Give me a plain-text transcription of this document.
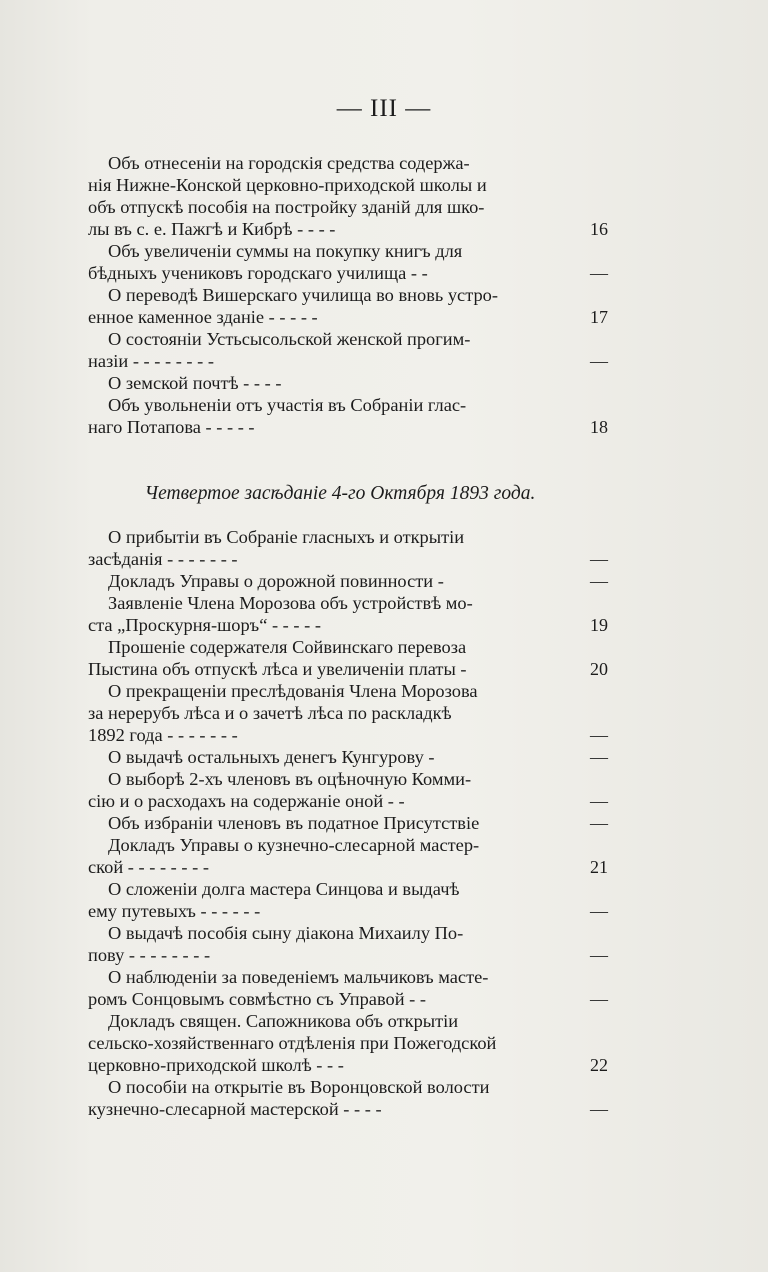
— III —
Объ отнесеніи на городскія средства содержа-
нія Нижне-Конской церковно-приходской школы и
объ отпускѣ пособія на постройку зданій для шко-
лы въ с. е. Пажгѣ и Кибрѣ - - - -	16
Объ увеличеніи суммы на покупку книгъ для
бѣдныхъ учениковъ городскаго училища - -	—
О переводѣ Вишерскаго училища во вновь устро-
енное каменное зданіе - - - - -	17
О состояніи Устьсысольской женской прогим-
назіи - - - - - - - -	—
О земской почтѣ - - - -
Объ увольненіи отъ участія въ Собраніи глас-
наго Потапова - - - - -	18
Четвертое засѣданіе 4-го Октября 1893 года.
О прибытіи въ Собраніе гласныхъ и открытіи
засѣданія - - - - - - -	—
Докладъ Управы о дорожной повинности -	—
Заявленіе Члена Морозова объ устройствѣ мо-
ста „Проскурня-шоръ“ - - - - -	19
Прошеніе содержателя Сойвинскаго перевоза
Пыстина объ отпускѣ лѣса и увеличеніи платы -	20
О прекращеніи преслѣдованія Члена Морозова
за нерерубъ лѣса и о зачетѣ лѣса по раскладкѣ
1892 года - - - - - - -	—
О выдачѣ остальныхъ денегъ Кунгурову -	—
О выборѣ 2-хъ членовъ въ оцѣночную Комми-
сію и о расходахъ на содержаніе оной - -	—
Объ избраніи членовъ въ податное Присутствіе	—
Докладъ Управы о кузнечно-слесарной мастер-
ской - - - - - - - -	21
О сложеніи долга мастера Синцова и выдачѣ
ему путевыхъ - - - - - -	—
О выдачѣ пособія сыну діакона Михаилу По-
пову - - - - - - - -	—
О наблюденіи за поведеніемъ мальчиковъ масте-
ромъ Сонцовымъ совмѣстно съ Управой - -	—
Докладъ священ. Сапожникова объ открытіи
сельско-хозяйственнаго отдѣленія при Пожегодской
церковно-приходской школѣ - - -	22
О пособіи на открытіе въ Воронцовской волости
кузнечно-слесарной мастерской - - - -	—
